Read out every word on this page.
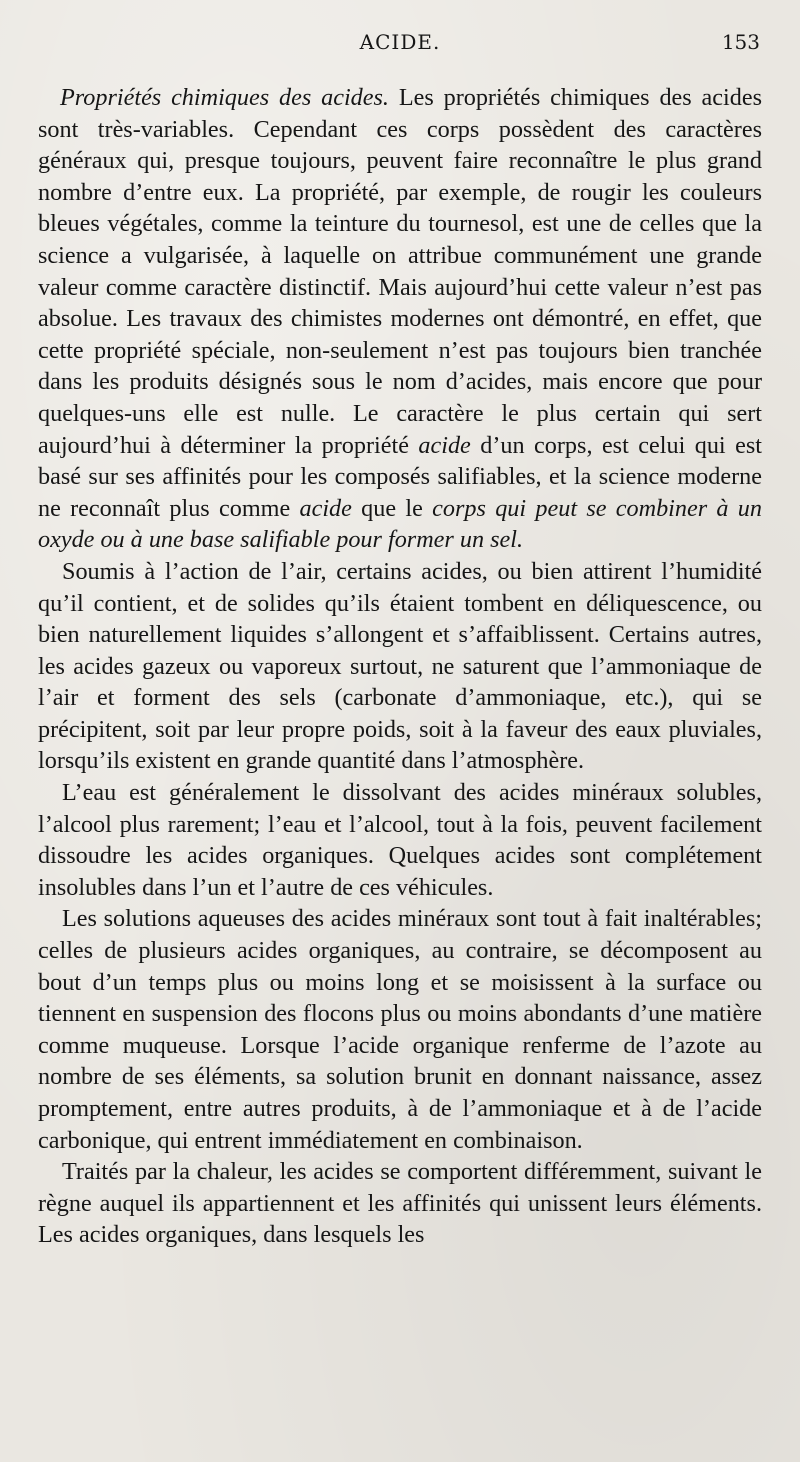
ACIDE.	153

Propriétés chimiques des acides. Les propriétés chimiques des acides sont très-variables. Cependant ces corps possèdent des caractères généraux qui, presque toujours, peuvent faire reconnaître le plus grand nombre d’entre eux. La propriété, par exemple, de rougir les couleurs bleues végétales, comme la teinture du tournesol, est une de celles que la science a vulgarisée, à laquelle on attribue communément une grande valeur comme caractère distinctif. Mais aujourd’hui cette valeur n’est pas absolue. Les travaux des chimistes modernes ont démontré, en effet, que cette propriété spéciale, non-seulement n’est pas toujours bien tranchée dans les produits désignés sous le nom d’acides, mais encore que pour quelques-uns elle est nulle. Le caractère le plus certain qui sert aujourd’hui à déterminer la propriété acide d’un corps, est celui qui est basé sur ses affinités pour les composés salifiables, et la science moderne ne reconnaît plus comme acide que le corps qui peut se combiner à un oxyde ou à une base salifiable pour former un sel.

Soumis à l’action de l’air, certains acides, ou bien attirent l’humidité qu’il contient, et de solides qu’ils étaient tombent en déliquescence, ou bien naturellement liquides s’allongent et s’affaiblissent. Certains autres, les acides gazeux ou vaporeux surtout, ne saturent que l’ammoniaque de l’air et forment des sels (carbonate d’ammoniaque, etc.), qui se précipitent, soit par leur propre poids, soit à la faveur des eaux pluviales, lorsqu’ils existent en grande quantité dans l’atmosphère.

L’eau est généralement le dissolvant des acides minéraux solubles, l’alcool plus rarement; l’eau et l’alcool, tout à la fois, peuvent facilement dissoudre les acides organiques. Quelques acides sont complétement insolubles dans l’un et l’autre de ces véhicules.

Les solutions aqueuses des acides minéraux sont tout à fait inaltérables; celles de plusieurs acides organiques, au contraire, se décomposent au bout d’un temps plus ou moins long et se moisissent à la surface ou tiennent en suspension des flocons plus ou moins abondants d’une matière comme muqueuse. Lorsque l’acide organique renferme de l’azote au nombre de ses éléments, sa solution brunit en donnant naissance, assez promptement, entre autres produits, à de l’ammoniaque et à de l’acide carbonique, qui entrent immédiatement en combinaison.

Traités par la chaleur, les acides se comportent différemment, suivant le règne auquel ils appartiennent et les affinités qui unissent leurs éléments. Les acides organiques, dans lesquels les
